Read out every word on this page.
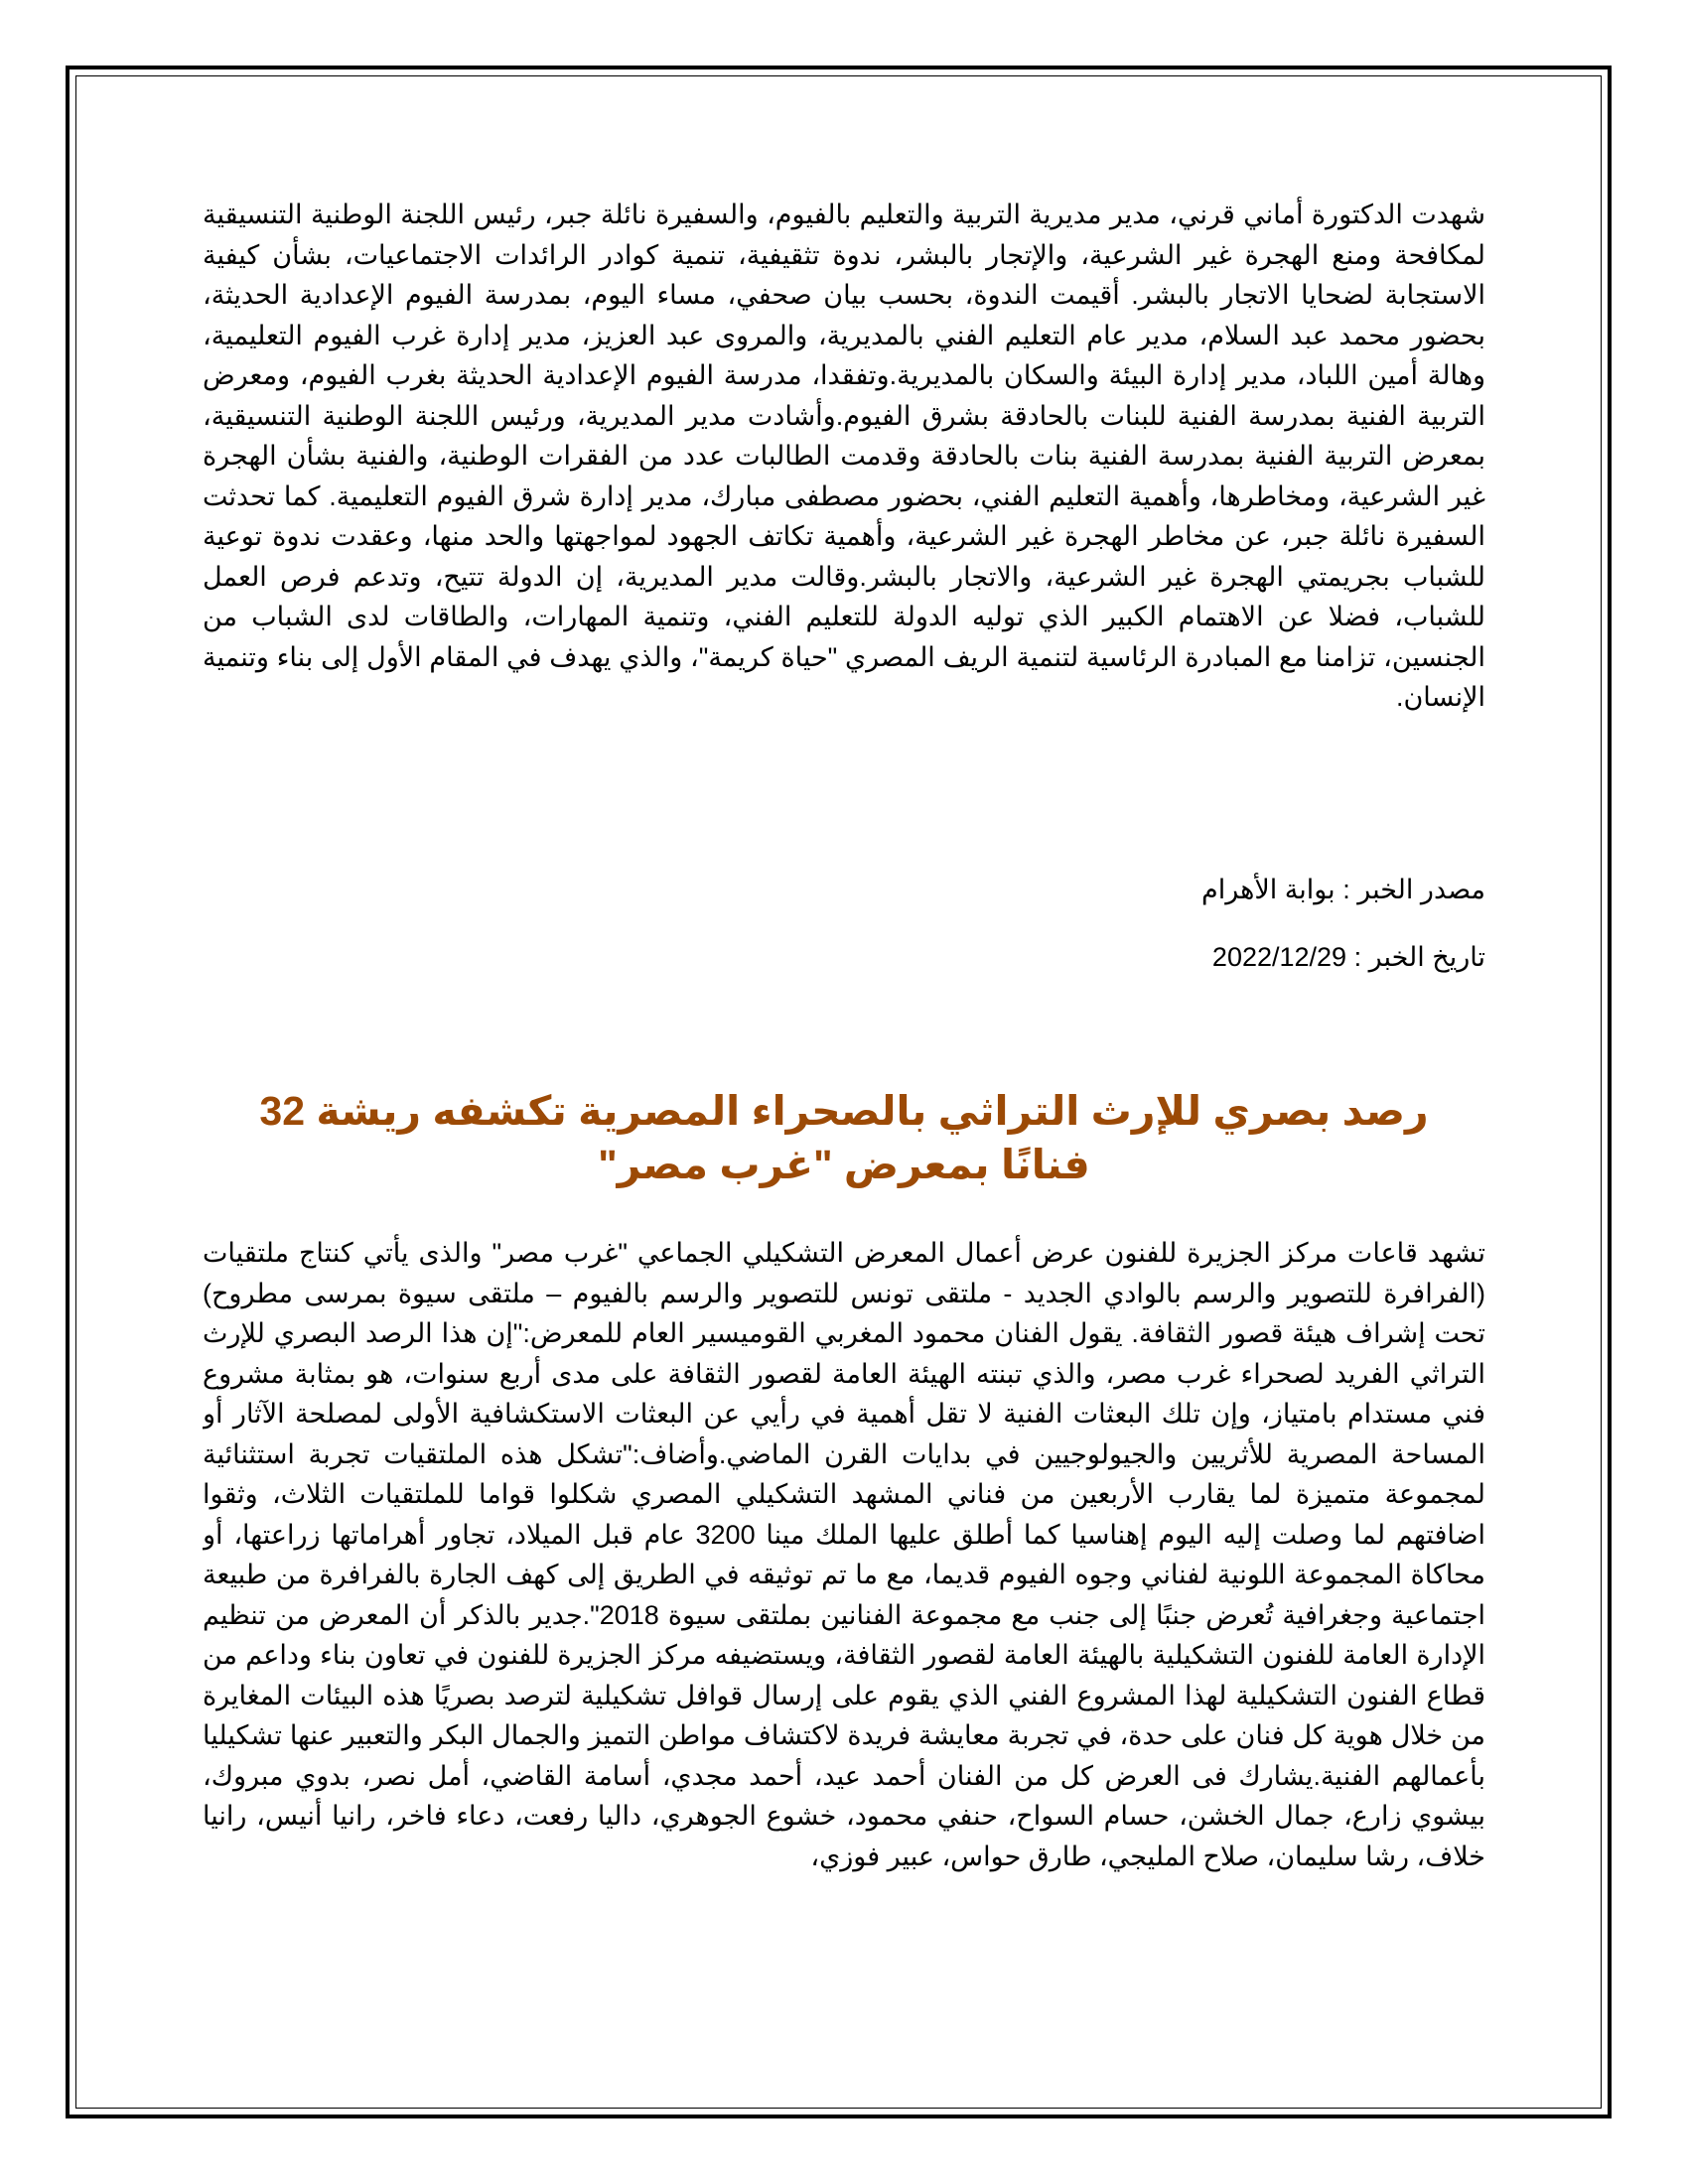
شهدت الدكتورة أماني قرني، مدير مديرية التربية والتعليم بالفيوم، والسفيرة نائلة جبر، رئيس اللجنة الوطنية التنسيقية لمكافحة ومنع الهجرة غير الشرعية، والإتجار بالبشر، ندوة تثقيفية، تنمية كوادر الرائدات الاجتماعيات، بشأن كيفية الاستجابة لضحايا الاتجار بالبشر. أقيمت الندوة، بحسب بيان صحفي، مساء اليوم، بمدرسة الفيوم الإعدادية الحديثة، بحضور محمد عبد السلام، مدير عام التعليم الفني بالمديرية، والمروى عبد العزيز، مدير إدارة غرب الفيوم التعليمية، وهالة أمين اللباد، مدير إدارة البيئة والسكان بالمديرية.وتفقدا، مدرسة الفيوم الإعدادية الحديثة بغرب الفيوم، ومعرض التربية الفنية بمدرسة الفنية للبنات بالحادقة بشرق الفيوم.وأشادت مدير المديرية، ورئيس اللجنة الوطنية التنسيقية، بمعرض التربية الفنية بمدرسة الفنية بنات بالحادقة وقدمت الطالبات عدد من الفقرات الوطنية، والفنية بشأن الهجرة غير الشرعية، ومخاطرها، وأهمية التعليم الفني، بحضور مصطفى مبارك، مدير إدارة شرق الفيوم التعليمية. كما تحدثت السفيرة نائلة جبر، عن مخاطر الهجرة غير الشرعية، وأهمية تكاتف الجهود لمواجهتها والحد منها، وعقدت ندوة توعية للشباب بجريمتي الهجرة غير الشرعية، والاتجار بالبشر.وقالت مدير المديرية، إن الدولة تتيح، وتدعم فرص العمل للشباب، فضلا عن الاهتمام الكبير الذي توليه الدولة للتعليم الفني، وتنمية المهارات، والطاقات لدى الشباب من الجنسين، تزامنا مع المبادرة الرئاسية لتنمية الريف المصري "حياة كريمة"، والذي يهدف في المقام الأول إلى بناء وتنمية الإنسان.

مصدر الخبر : بوابة الأهرام

تاريخ الخبر : 2022/12/29

رصد بصري للإرث التراثي بالصحراء المصرية تكشفه ريشة 32 فنانًا بمعرض "غرب مصر"

تشهد قاعات مركز الجزيرة للفنون عرض أعمال المعرض التشكيلي الجماعي "غرب مصر" والذى يأتي كنتاج ملتقيات (الفرافرة للتصوير والرسم بالوادي الجديد - ملتقى تونس للتصوير والرسم بالفيوم – ملتقى سيوة بمرسى مطروح) تحت إشراف هيئة قصور الثقافة. يقول الفنان محمود المغربي القوميسير العام للمعرض:"إن هذا الرصد البصري للإرث التراثي الفريد لصحراء غرب مصر، والذي تبنته الهيئة العامة لقصور الثقافة على مدى أربع سنوات، هو بمثابة مشروع فني مستدام بامتياز، وإن تلك البعثات الفنية لا تقل أهمية في رأيي عن البعثات الاستكشافية الأولى لمصلحة الآثار أو المساحة المصرية للأثريين والجيولوجيين في بدايات القرن الماضي.وأضاف:"تشكل هذه الملتقيات تجربة استثنائية لمجموعة متميزة لما يقارب الأربعين من فناني المشهد التشكيلي المصري شكلوا قواما للملتقيات الثلاث، وثقوا اضافتهم لما وصلت إليه اليوم إهناسيا كما أطلق عليها الملك مينا 3200 عام قبل الميلاد، تجاور أهراماتها زراعتها، أو محاكاة المجموعة اللونية لفناني وجوه الفيوم قديما، مع ما تم توثيقه في الطريق إلى كهف الجارة بالفرافرة من طبيعة اجتماعية وجغرافية تُعرض جنبًا إلى جنب مع مجموعة الفنانين بملتقى سيوة 2018".جدير بالذكر أن المعرض من تنظيم الإدارة العامة للفنون التشكيلية بالهيئة العامة لقصور الثقافة، ويستضيفه مركز الجزيرة للفنون في تعاون بناء وداعم من قطاع الفنون التشكيلية لهذا المشروع الفني الذي يقوم على إرسال قوافل تشكيلية لترصد بصريًا هذه البيئات المغايرة من خلال هوية كل فنان على حدة، في تجربة معايشة فريدة لاكتشاف مواطن التميز والجمال البكر والتعبير عنها تشكيليا بأعمالهم الفنية.يشارك فى العرض كل من الفنان أحمد عيد، أحمد مجدي، أسامة القاضي، أمل نصر، بدوي مبروك، بيشوي زارع، جمال الخشن، حسام السواح، حنفي محمود، خشوع الجوهري، داليا رفعت، دعاء فاخر، رانيا أنيس، رانيا خلاف، رشا سليمان، صلاح المليجي، طارق حواس، عبير فوزي،
